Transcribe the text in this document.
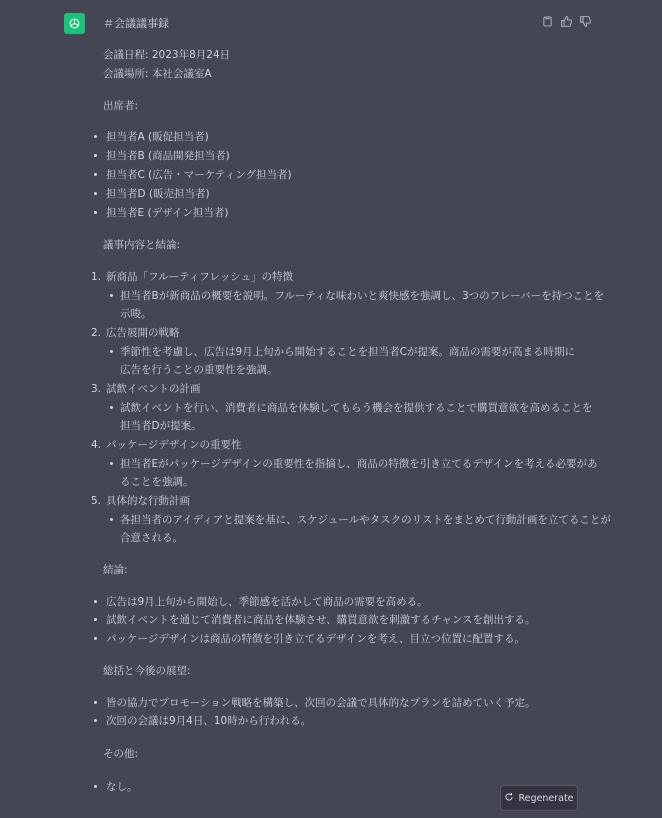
＃会議議事録
会議日程: 2023年8月24日
会議場所: 本社会議室A
出席者:
担当者A (販促担当者)
担当者B (商品開発担当者)
担当者C (広告・マーケティング担当者)
担当者D (販売担当者)
担当者E (デザイン担当者)
議事内容と結論:
1. 新商品「フルーティフレッシュ」の特徴
担当者Bが新商品の概要を説明。フルーティな味わいと爽快感を強調し、3つのフレーバーを持つことを
示唆。
2. 広告展開の戦略
季節性を考慮し、広告は9月上旬から開始することを担当者Cが提案。商品の需要が高まる時期に
広告を行うことの重要性を強調。
3. 試飲イベントの計画
試飲イベントを行い、消費者に商品を体験してもらう機会を提供することで購買意欲を高めることを
担当者Dが提案。
4. パッケージデザインの重要性
担当者Eがパッケージデザインの重要性を指摘し、商品の特徴を引き立てるデザインを考える必要があ
ることを強調。
5. 具体的な行動計画
各担当者のアイディアと提案を基に、スケジュールやタスクのリストをまとめて行動計画を立てることが
合意される。
結論:
広告は9月上旬から開始し、季節感を活かして商品の需要を高める。
試飲イベントを通じて消費者に商品を体験させ、購買意欲を刺激するチャンスを創出する。
パッケージデザインは商品の特徴を引き立てるデザインを考え、目立つ位置に配置する。
総括と今後の展望:
皆の協力でプロモーション戦略を構築し、次回の会議で具体的なプランを詰めていく予定。
次回の会議は9月4日、10時から行われる。
その他:
なし。
Regenerate
